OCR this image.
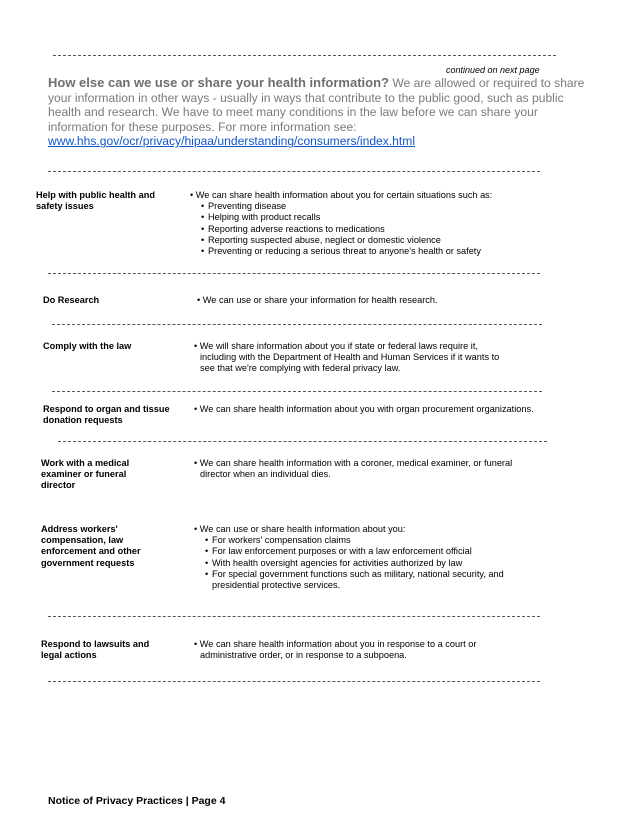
continued on next page
How else can we use or share your health information? We are allowed or required to share your information in other ways - usually in ways that contribute to the public good, such as public health and research. We have to meet many conditions in the law before we can share your information for these purposes. For more information see:
www.hhs.gov/ocr/privacy/hipaa/understanding/consumers/index.html
Help with public health and safety issues
• We can share health information about you for certain situations such as:
• Preventing disease
• Helping with product recalls
• Reporting adverse reactions to medications
• Reporting suspected abuse, neglect or domestic violence
• Preventing or reducing a serious threat to anyone's health or safety
Do Research	• We can use or share your information for health research.
Comply with the law	• We will share information about you if state or federal laws require it,
including with the Department of Health and Human Services if it wants to
see that we're complying with federal privacy law.
Respond to organ and tissue donation requests
• We can share health information about you with organ procurement organizations.
Work with a medical examiner or funeral director
• We can share health information with a coroner, medical examiner, or funeral
director when an individual dies.
Address workers' compensation, law enforcement and other government requests
• We can use or share health information about you:
• For workers' compensation claims
• For law enforcement purposes or with a law enforcement official
• With health oversight agencies for activities authorized by law
• For special government functions such as military, national security, and presidential protective services.
Respond to lawsuits and legal actions
• We can share health information about you in response to a court or
administrative order, or in response to a subpoena.
Notice of Privacy Practices | Page 4
